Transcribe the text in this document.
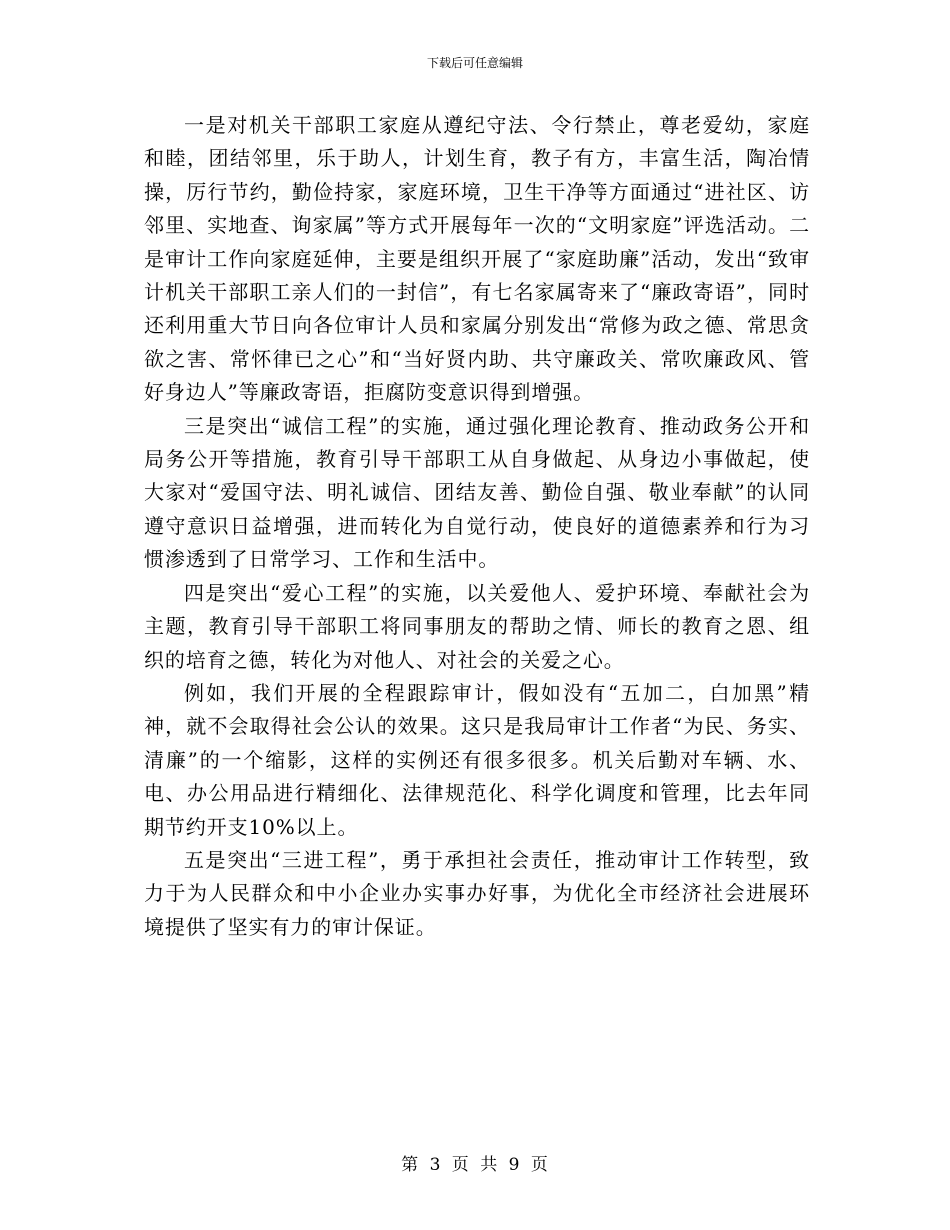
下载后可任意编辑

一是对机关干部职工家庭从遵纪守法、令行禁止，尊老爱幼，家庭和睦，团结邻里，乐于助人，计划生育，教子有方，丰富生活，陶冶情操，厉行节约，勤俭持家，家庭环境，卫生干净等方面通过“进社区、访邻里、实地查、询家属”等方式开展每年一次的“文明家庭”评选活动。二是审计工作向家庭延伸，主要是组织开展了“家庭助廉”活动，发出“致审计机关干部职工亲人们的一封信”，有七名家属寄来了“廉政寄语”，同时还利用重大节日向各位审计人员和家属分别发出“常修为政之德、常思贪欲之害、常怀律已之心”和“当好贤内助、共守廉政关、常吹廉政风、管好身边人”等廉政寄语，拒腐防变意识得到增强。

三是突出“诚信工程”的实施，通过强化理论教育、推动政务公开和局务公开等措施，教育引导干部职工从自身做起、从身边小事做起，使大家对“爱国守法、明礼诚信、团结友善、勤俭自强、敬业奉献”的认同遵守意识日益增强，进而转化为自觉行动，使良好的道德素养和行为习惯渗透到了日常学习、工作和生活中。

四是突出“爱心工程”的实施，以关爱他人、爱护环境、奉献社会为主题，教育引导干部职工将同事朋友的帮助之情、师长的教育之恩、组织的培育之德，转化为对他人、对社会的关爱之心。

例如，我们开展的全程跟踪审计，假如没有“五加二，白加黑”精神，就不会取得社会公认的效果。这只是我局审计工作者“为民、务实、清廉”的一个缩影，这样的实例还有很多很多。机关后勤对车辆、水、电、办公用品进行精细化、法律规范化、科学化调度和管理，比去年同期节约开支10%以上。

五是突出“三进工程”，勇于承担社会责任，推动审计工作转型，致力于为人民群众和中小企业办实事办好事，为优化全市经济社会进展环境提供了坚实有力的审计保证。

第 3 页 共 9 页
